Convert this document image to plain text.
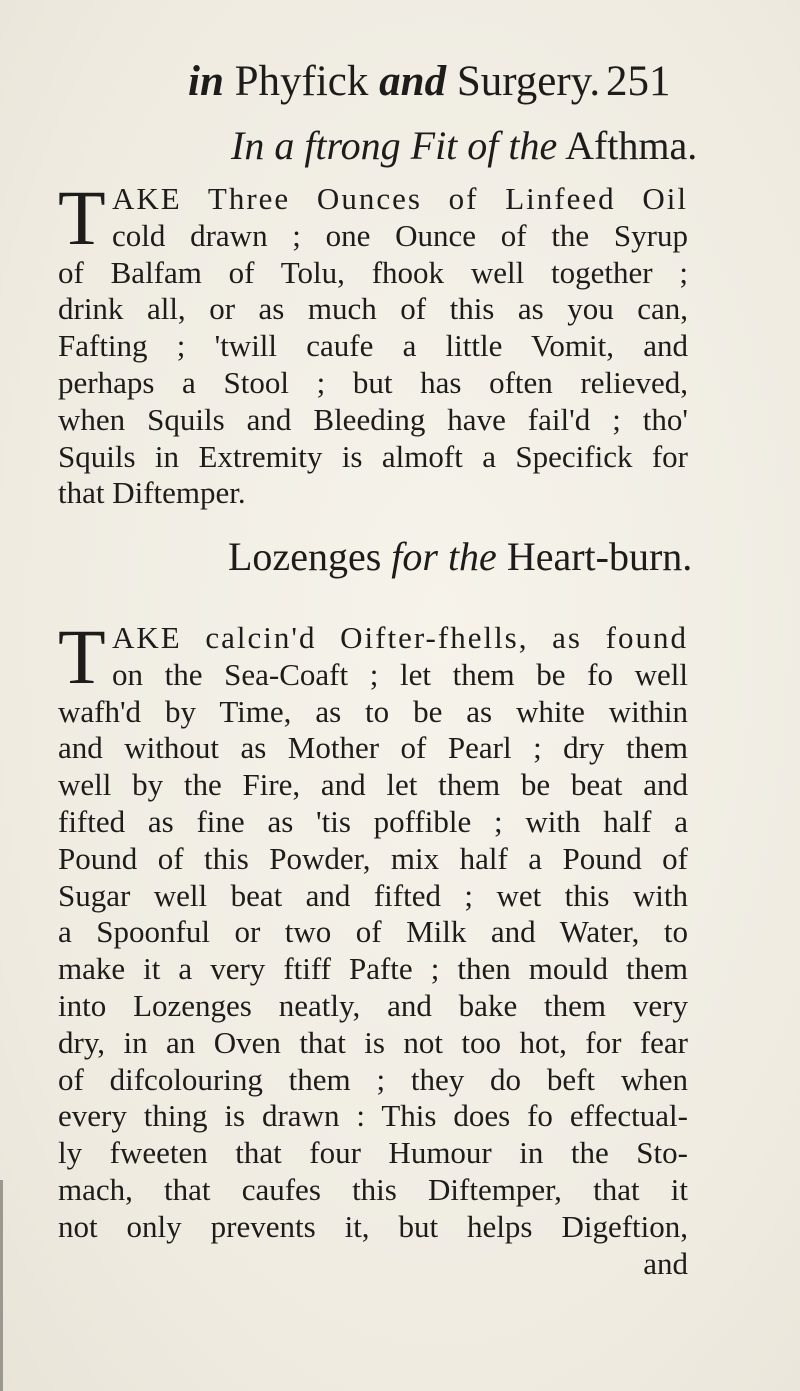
in Phyfick and Surgery. 251
In a ftrong Fit of the Afthma.
T AKE Three Ounces of Linfeed Oil
cold drawn ; one Ounce of the Syrup
of Balfam of Tolu, fhook well together ;
drink all, or as much of this as you can,
Fafting ; 'twill caufe a little Vomit, and
perhaps a Stool ; but has often relieved,
when Squils and Bleeding have fail'd ; tho'
Squils in Extremity is almoft a Specifick for
that Diftemper.
Lozenges for the Heart-burn.
T AKE calcin'd Oifter-fhells, as found
on the Sea-Coaft ; let them be fo well
wafh'd by Time, as to be as white within
and without as Mother of Pearl ; dry them
well by the Fire, and let them be beat and
fifted as fine as 'tis poffible ; with half a
Pound of this Powder, mix half a Pound of
Sugar well beat and fifted ; wet this with
a Spoonful or two of Milk and Water, to
make it a very ftiff Pafte ; then mould them
into Lozenges neatly, and bake them very
dry, in an Oven that is not too hot, for fear
of difcolouring them ; they do beft when
every thing is drawn : This does fo effectual-
ly fweeten that four Humour in the Sto-
mach, that caufes this Diftemper, that it
not only prevents it, but helps Digeftion,
and
